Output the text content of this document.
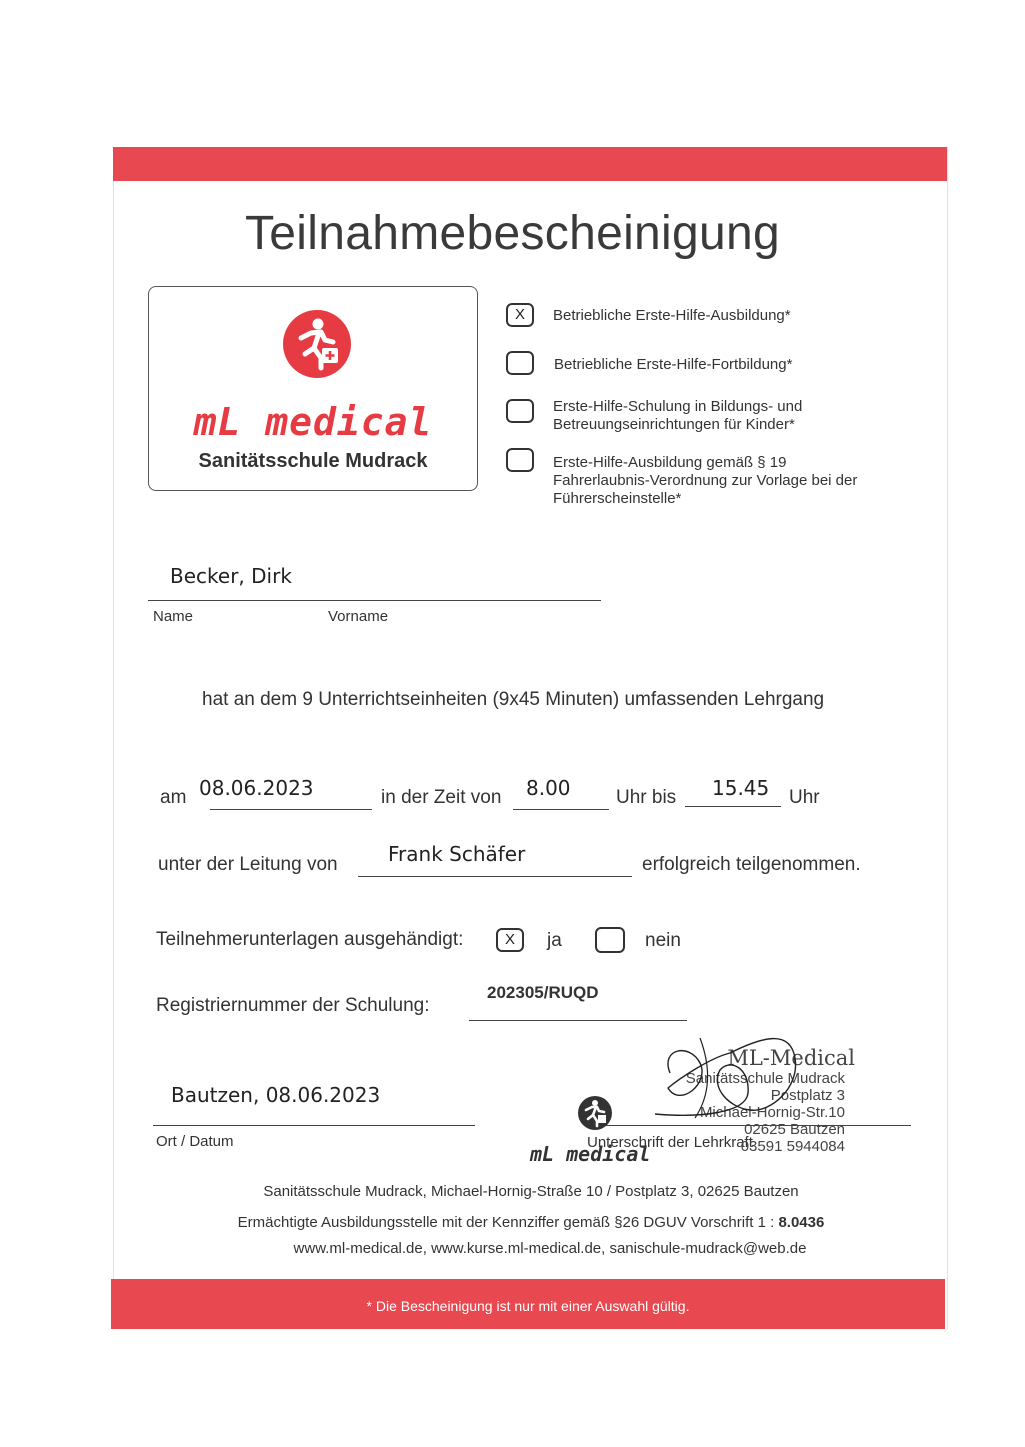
Teilnahmebescheinigung
mL medical
Sanitätsschule Mudrack
X	Betriebliche Erste-Hilfe-Ausbildung*
Betriebliche Erste-Hilfe-Fortbildung*
Erste-Hilfe-Schulung in Bildungs- und
Betreuungseinrichtungen für Kinder*
Erste-Hilfe-Ausbildung gemäß § 19
Fahrerlaubnis-Verordnung zur Vorlage bei der
Führerscheinstelle*
Becker, Dirk
Name	Vorname
hat an dem 9 Unterrichtseinheiten (9x45 Minuten) umfassenden Lehrgang
am 08.06.2023	in der Zeit von 8.00 Uhr bis 15.45 Uhr
unter der Leitung von	Frank Schäfer	erfolgreich teilgenommen.
Teilnehmerunterlagen ausgehändigt:	X	ja	nein
Registriernummer der Schulung:
202305/RUQD
Bautzen, 08.06.2023
Ort / Datum	Unterschrift der Lehrkraft
mL medical
ML-Medical
Sanitätsschule Mudrack
Postplatz 3
Michael-Hornig-Str.10
02625 Bautzen
03591 5944084
Sanitätsschule Mudrack, Michael-Hornig-Straße 10 / Postplatz 3, 02625 Bautzen
Ermächtigte Ausbildungsstelle mit der Kennziffer gemäß §26 DGUV Vorschrift 1 : 8.0436
www.ml-medical.de, www.kurse.ml-medical.de, sanischule-mudrack@web.de
* Die Bescheinigung ist nur mit einer Auswahl gültig.
